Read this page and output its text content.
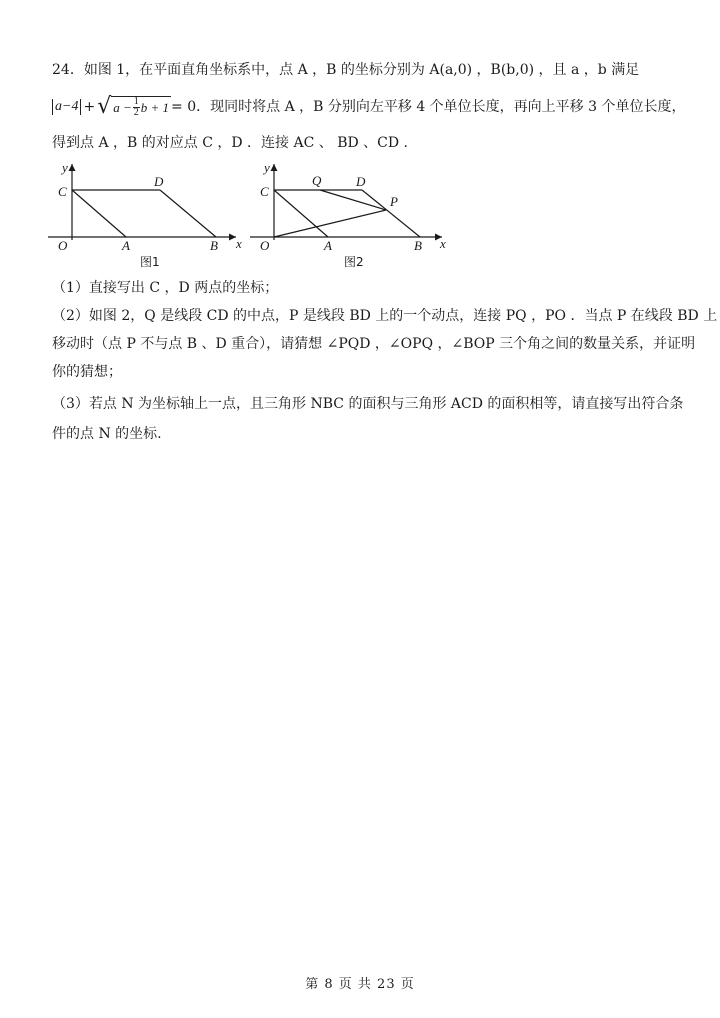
24．如图 1，在平面直角坐标系中，点 A ，B 的坐标分别为 A(a,0) ，B(b,0) ，且 a ，b 满足
a−4 + √ $a - \frac{1}{2}$ b + 1 = 0 ．现同时将点 A ，B 分别向左平移 4 个单位长度，再向上平移 3 个单位长度，
得到点 A ，B 的对应点 C ，D ．连接 AC 、 BD 、CD .
y
C
D
O	A	B x
图1
y
C
Q	D
P
O	A	B x
图2
（1）直接写出 C ，D 两点的坐标；
（2）如图 2，Q 是线段 CD 的中点，P 是线段 BD 上的一个动点，连接 PQ ，PO ．当点 P 在线段 BD 上
移动时（点 P 不与点 B 、D 重合），请猜想 ∠PQD ，∠OPQ ，∠BOP 三个角之间的数量关系，并证明
你的猜想；
（3）若点 N 为坐标轴上一点，且三角形 NBC 的面积与三角形 ACD 的面积相等，请直接写出符合条
件的点 N 的坐标.
第 8 页 共 23 页
